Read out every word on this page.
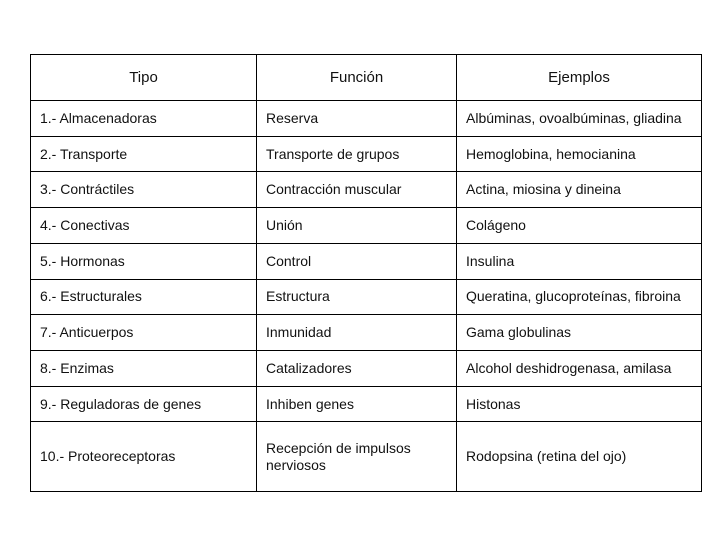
Tipo	Función	Ejemplos
1.- Almacenadoras	Reserva	Albúminas, ovoalbúminas, gliadina
2.- Transporte	Transporte de grupos	Hemoglobina, hemocianina
3.- Contráctiles	Contracción muscular	Actina, miosina y dineina
4.- Conectivas	Unión	Colágeno
5.- Hormonas	Control	Insulina
6.- Estructurales	Estructura	Queratina, glucoproteínas, fibroina
7.- Anticuerpos	Inmunidad	Gama globulinas
8.- Enzimas	Catalizadores	Alcohol deshidrogenasa, amilasa
9.- Reguladoras de genes	Inhiben genes	Histonas
10.- Proteoreceptoras	Recepción de impulsos nerviosos	Rodopsina (retina del ojo)
